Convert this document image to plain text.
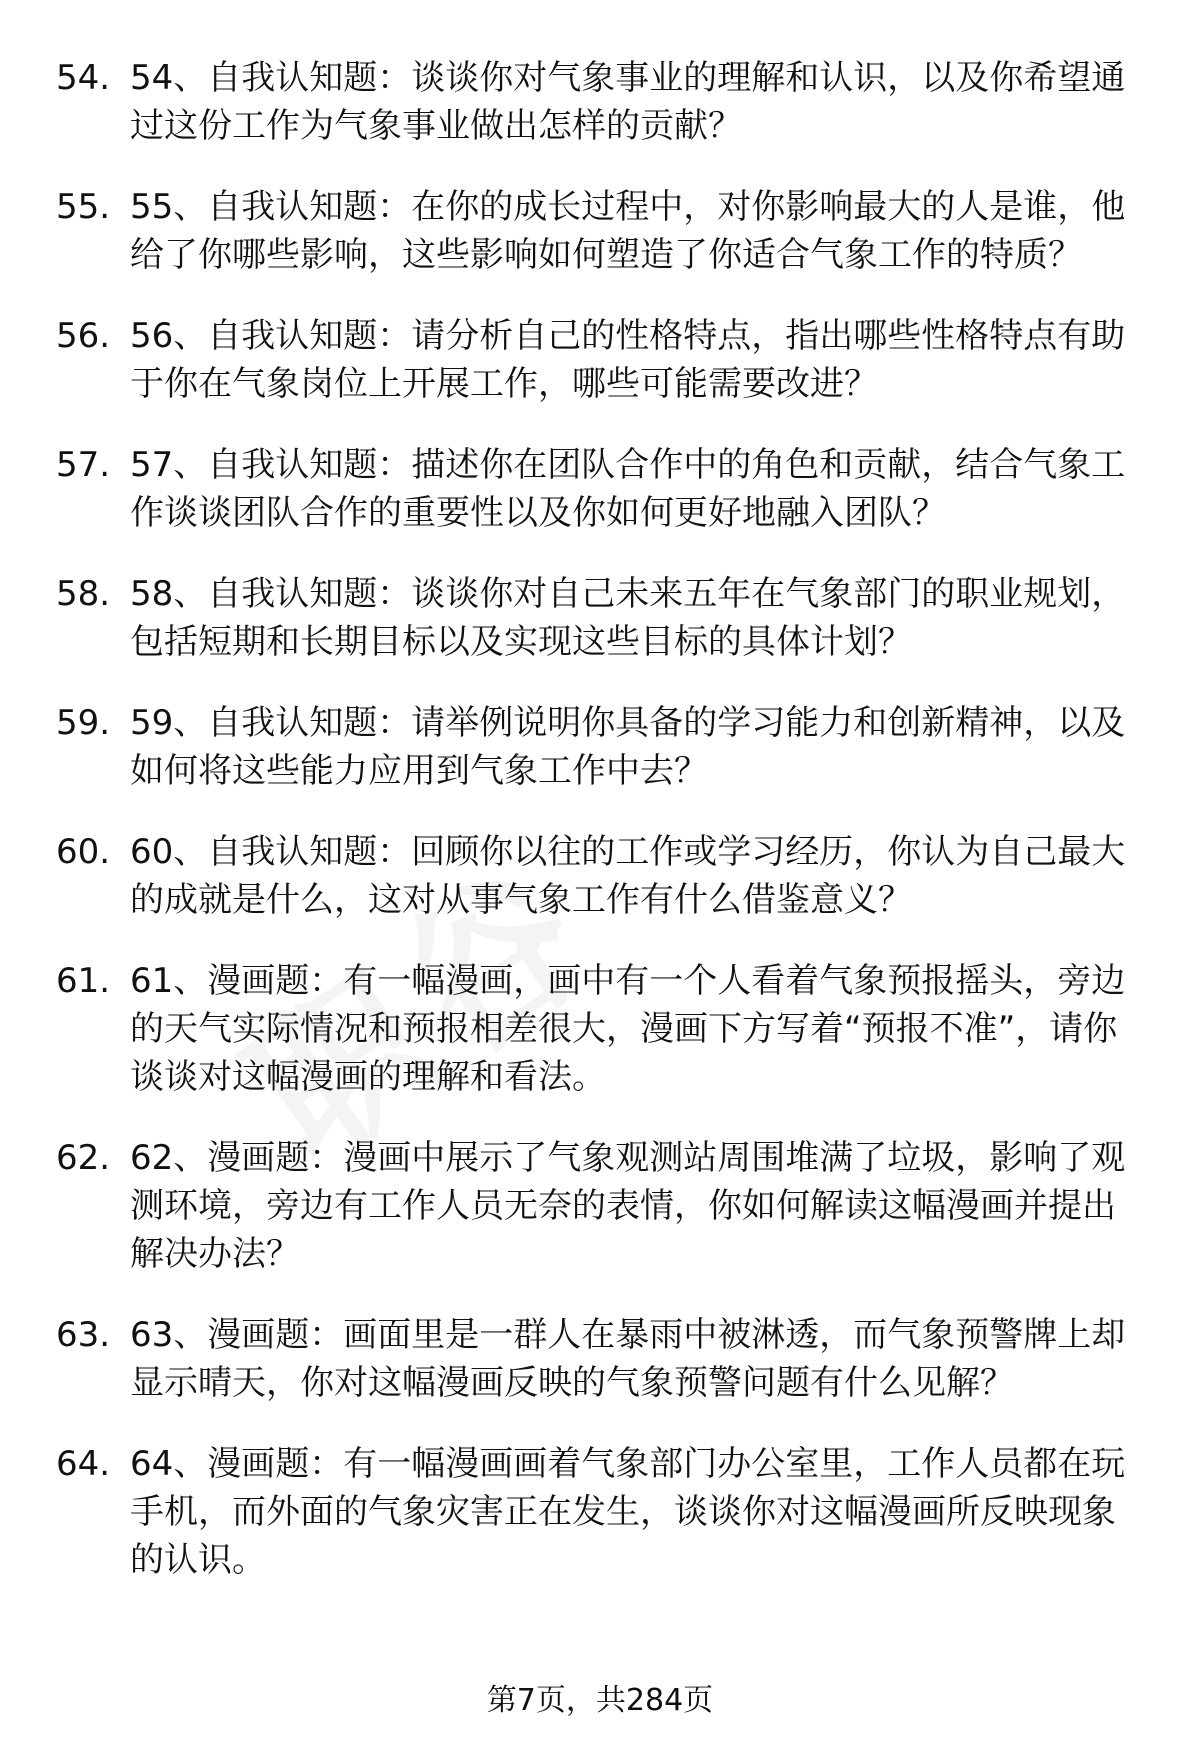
54. 54、自我认知题：谈谈你对气象事业的理解和认识，以及你希望通过这份工作为气象事业做出怎样的贡献？
55. 55、自我认知题：在你的成长过程中，对你影响最大的人是谁，他给了你哪些影响，这些影响如何塑造了你适合气象工作的特质？
56. 56、自我认知题：请分析自己的性格特点，指出哪些性格特点有助于你在气象岗位上开展工作，哪些可能需要改进？
57. 57、自我认知题：描述你在团队合作中的角色和贡献，结合气象工作谈谈团队合作的重要性以及你如何更好地融入团队？
58. 58、自我认知题：谈谈你对自己未来五年在气象部门的职业规划，包括短期和长期目标以及实现这些目标的具体计划？
59. 59、自我认知题：请举例说明你具备的学习能力和创新精神，以及如何将这些能力应用到气象工作中去？
60. 60、自我认知题：回顾你以往的工作或学习经历，你认为自己最大的成就是什么，这对从事气象工作有什么借鉴意义？
61. 61、漫画题：有一幅漫画，画中有一个人看着气象预报摇头，旁边的天气实际情况和预报相差很大，漫画下方写着“预报不准”，请你谈谈对这幅漫画的理解和看法。
62. 62、漫画题：漫画中展示了气象观测站周围堆满了垃圾，影响了观测环境，旁边有工作人员无奈的表情，你如何解读这幅漫画并提出解决办法？
63. 63、漫画题：画面里是一群人在暴雨中被淋透，而气象预警牌上却显示晴天，你对这幅漫画反映的气象预警问题有什么见解？
64. 64、漫画题：有一幅漫画画着气象部门办公室里，工作人员都在玩手机，而外面的气象灾害正在发生，谈谈你对这幅漫画所反映现象的认识。
第7页，共284页
